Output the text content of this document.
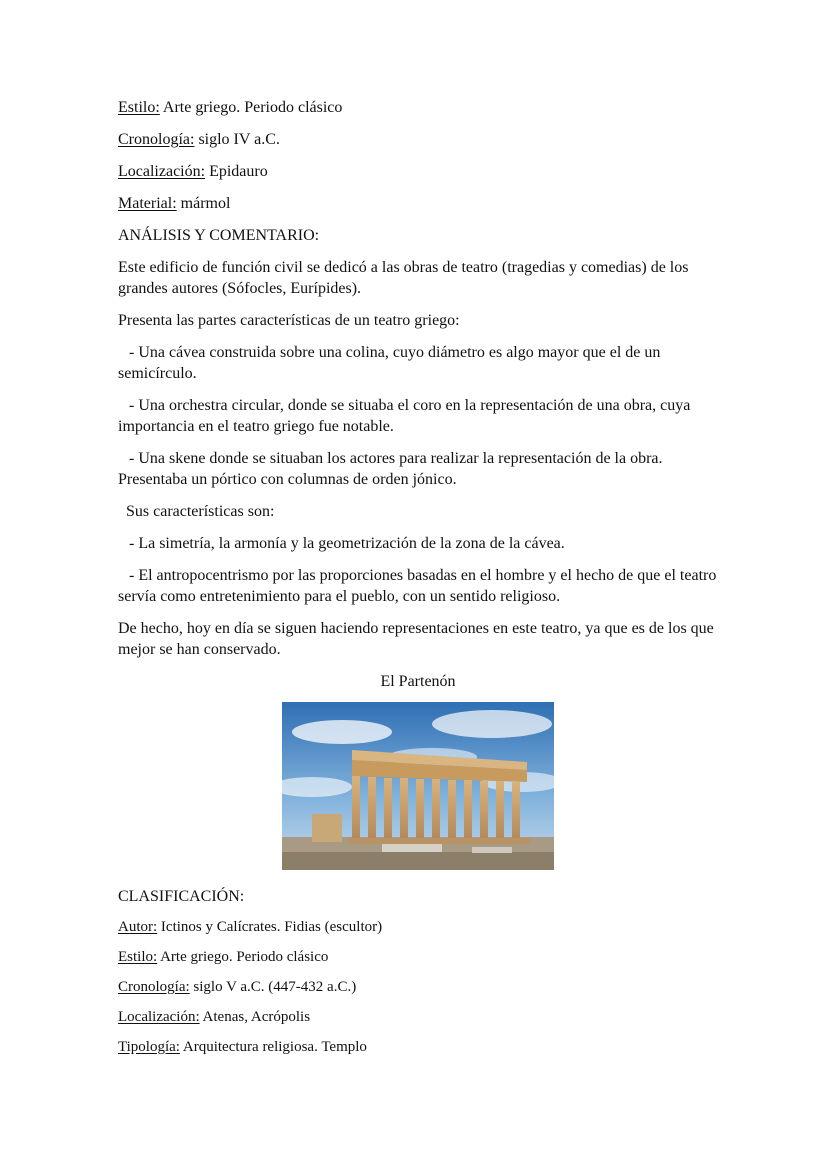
Estilo: Arte griego. Periodo clásico
Cronología: siglo IV a.C.
Localización: Epidauro
Material: mármol
ANÁLISIS Y COMENTARIO:

Este edificio de función civil se dedicó a las obras de teatro (tragedias y comedias) de los grandes autores (Sófocles, Eurípides).

Presenta las partes características de un teatro griego:

- Una cávea construida sobre una colina, cuyo diámetro es algo mayor que el de un semicírculo.

- Una orchestra circular, donde se situaba el coro en la representación de una obra, cuya importancia en el teatro griego fue notable.

- Una skene donde se situaban los actores para realizar la representación de la obra. Presentaba un pórtico con columnas de orden jónico.

Sus características son:

- La simetría, la armonía y la geometrización de la zona de la cávea.

- El antropocentrismo por las proporciones basadas en el hombre y el hecho de que el teatro servía como entretenimiento para el pueblo, con un sentido religioso.

De hecho, hoy en día se siguen haciendo representaciones en este teatro, ya que es de los que mejor se han conservado.

El Partenón
CLASIFICACIÓN:
Autor: Ictinos y Calícrates. Fidias (escultor)
Estilo: Arte griego. Periodo clásico
Cronología: siglo V a.C. (447-432 a.C.)
Localización: Atenas, Acrópolis
Tipología: Arquitectura religiosa. Templo
